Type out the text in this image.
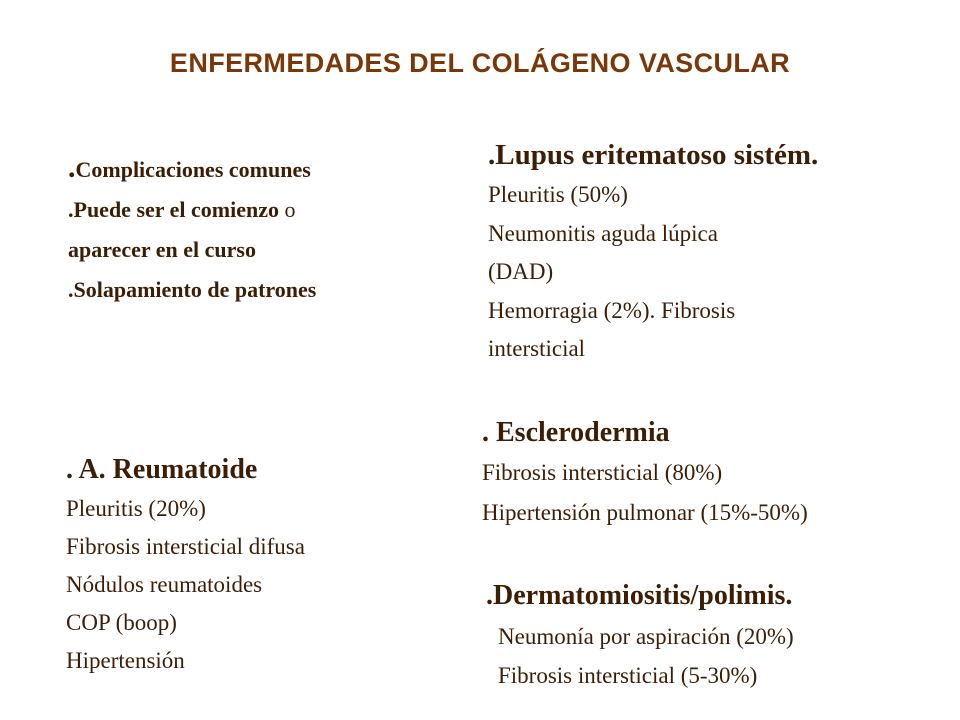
ENFERMEDADES DEL COLÁGENO VASCULAR
.Complicaciones comunes
.Puede ser el comienzo o
aparecer en el curso
.Solapamiento de patrones
.Lupus eritematoso sistém.
Pleuritis (50%)
Neumonitis aguda lúpica
(DAD)
Hemorragia (2%). Fibrosis
intersticial
. A. Reumatoide
Pleuritis (20%)
Fibrosis intersticial difusa
Nódulos reumatoides
COP (boop)
Hipertensión
. Esclerodermia
Fibrosis intersticial (80%)
Hipertensión pulmonar (15%-50%)
.Dermatomiositis/polimis.
Neumonía por aspiración (20%)
Fibrosis intersticial (5-30%)
